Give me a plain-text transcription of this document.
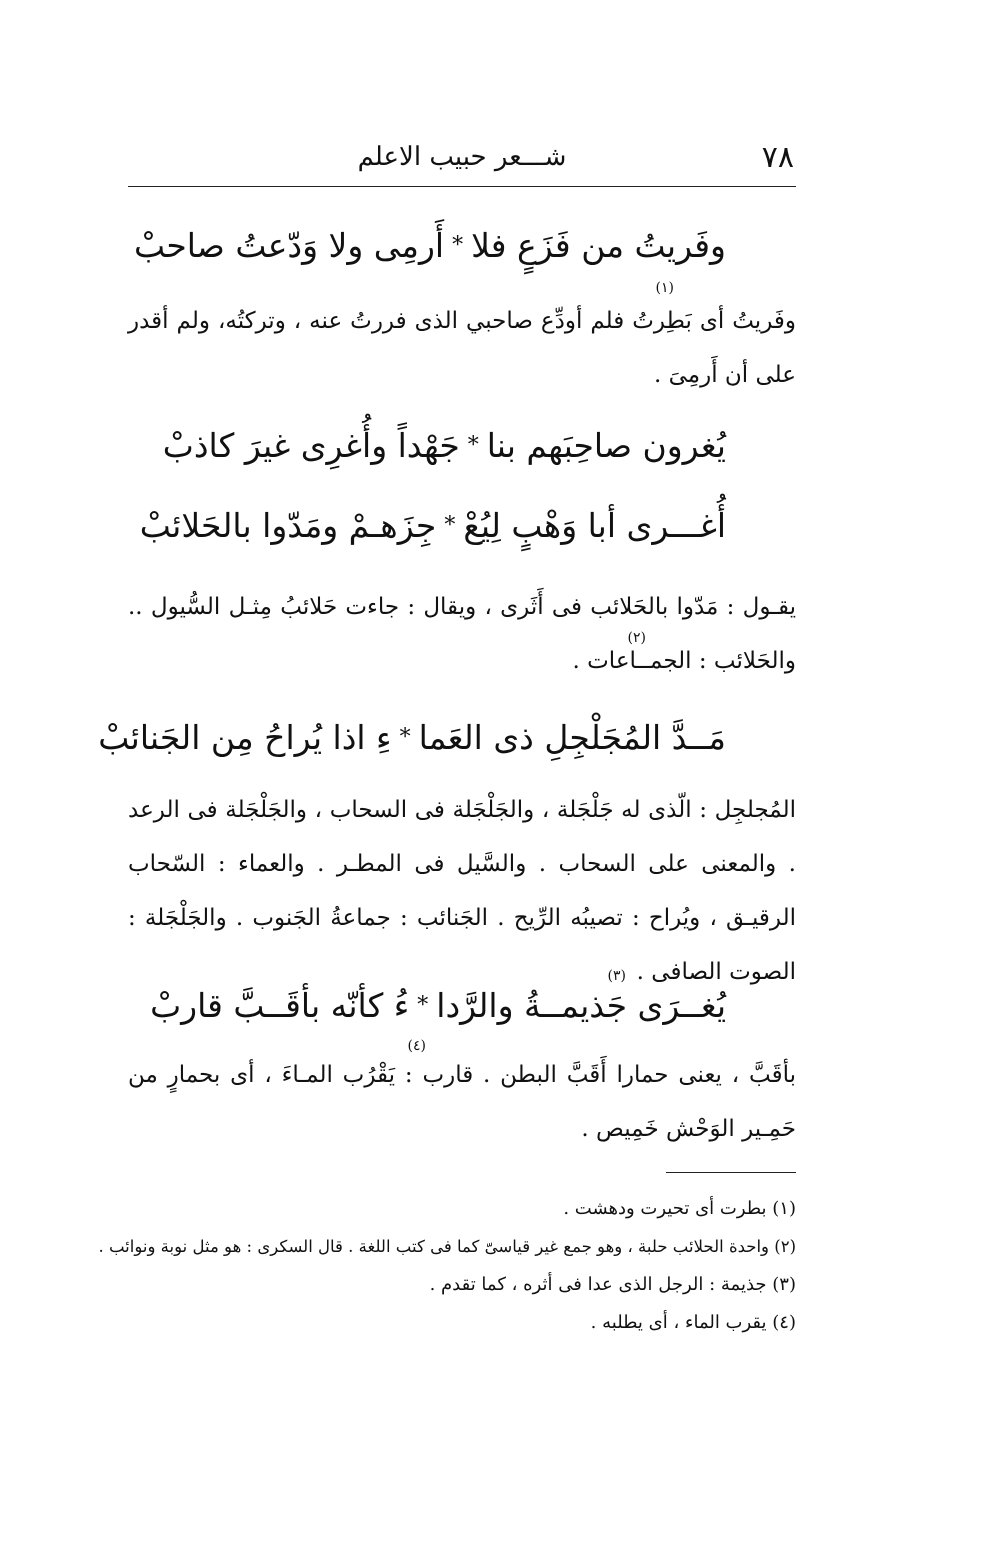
٧٨
شـــعر حبيب الاعلم
وفَريتُ من فَزَعٍ فلا
*
أَرمِى ولا وَدّعتُ صاحبْ
وفَريتُ أى بَطِرتُ فلم أودِّع صاحبي الذى فررتُ عنه ، وتركتُه، ولم أقدر على أن أَرمِىَ .
يُغرون صاحِبَهم بنا
*
جَهْداً وأُغرِى غيرَ كاذبْ
أُغـــرى أبا وَهْبٍ لِيُعْ
*
جِزَهـمْ ومَدّوا بالحَلائبْ
يقـول : مَدّوا بالحَلائب فى أَثَرى ، ويقال : جاءت حَلائبُ مِثـل السُّيول .. والحَلائب : الجمــاعات .
مَــدَّ المُجَلْجِلِ ذى العَما
*
ءِ اذا يُراحُ مِن الجَنائبْ
المُجلجِل : الّذى له جَلْجَلة ، والجَلْجَلة فى السحاب ، والجَلْجَلة فى الرعد . والمعنى على السحاب . والسَّيل فى المطـر . والعماء : السّحاب الرقيـق ، ويُراح : تصيبُه الرِّيح . الجَنائب : جماعةُ الجَنوب . والجَلْجَلة : الصوت الصافى .
يُغــرَى جَذيمــةُ والرَّدا
*
ءُ كأنّه بأقَــبَّ قاربْ
بأقَبَّ ، يعنى حمارا أَقَبَّ البطن . قارب : يَقْرُب المـاءَ ، أى بحمارٍ من حَمِـير الوَحْش خَمِيص .
(١) بطرت أى تحيرت ودهشت .
(٢) واحدة الحلائب حلبة ، وهو جمع غير قياسىّ كما فى كتب اللغة . قال السكرى : هو مثل نوبة ونوائب .
(٣) جذيمة : الرجل الذى عدا فى أثره ، كما تقدم .
(٤) يقرب الماء ، أى يطلبه .
(١)
(٢)
(٣)
(٤)
